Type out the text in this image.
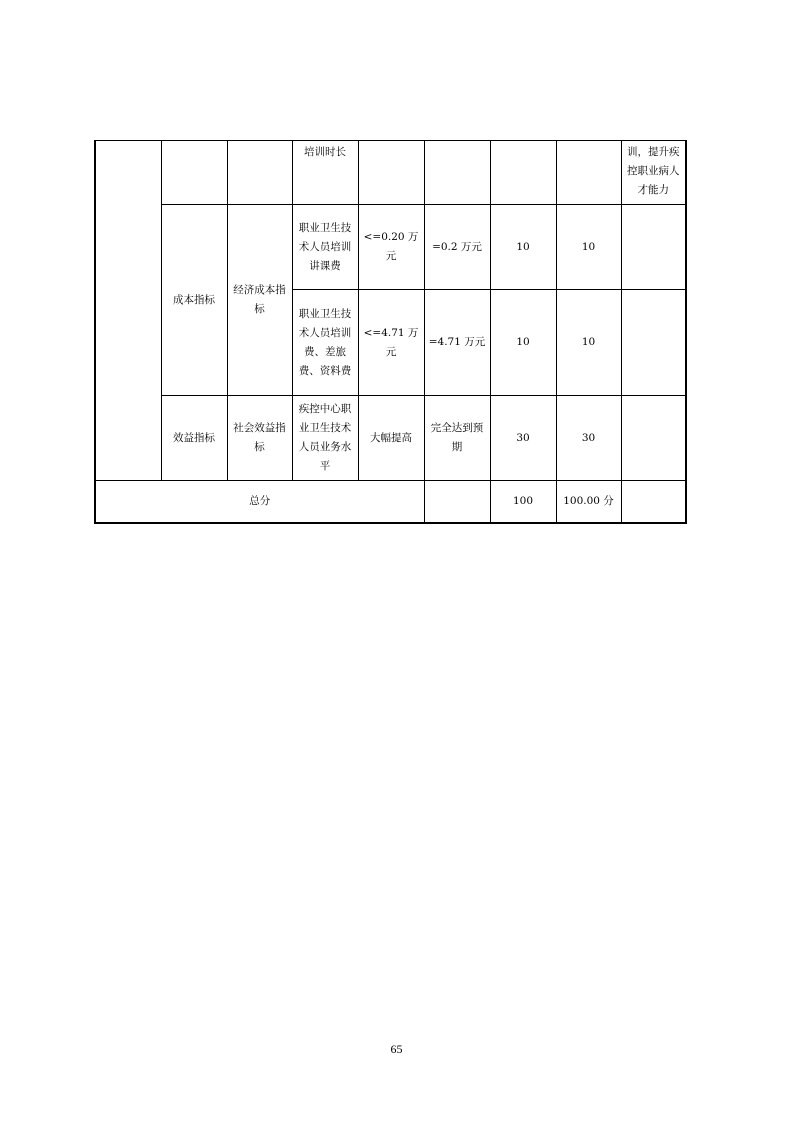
			培训时长					训，提升疾控职业病人才能力
	成本指标	经济成本指标	职业卫生技术人员培训讲课费	<=0.20 万元	=0.2 万元	10	10	
			职业卫生技术人员培训费、差旅费、资料费	<=4.71 万元	=4.71 万元	10	10	
	效益指标	社会效益指标	疾控中心职业卫生技术人员业务水平	大幅提高	完全达到预期	30	30	
总分						100	100.00 分	
65
